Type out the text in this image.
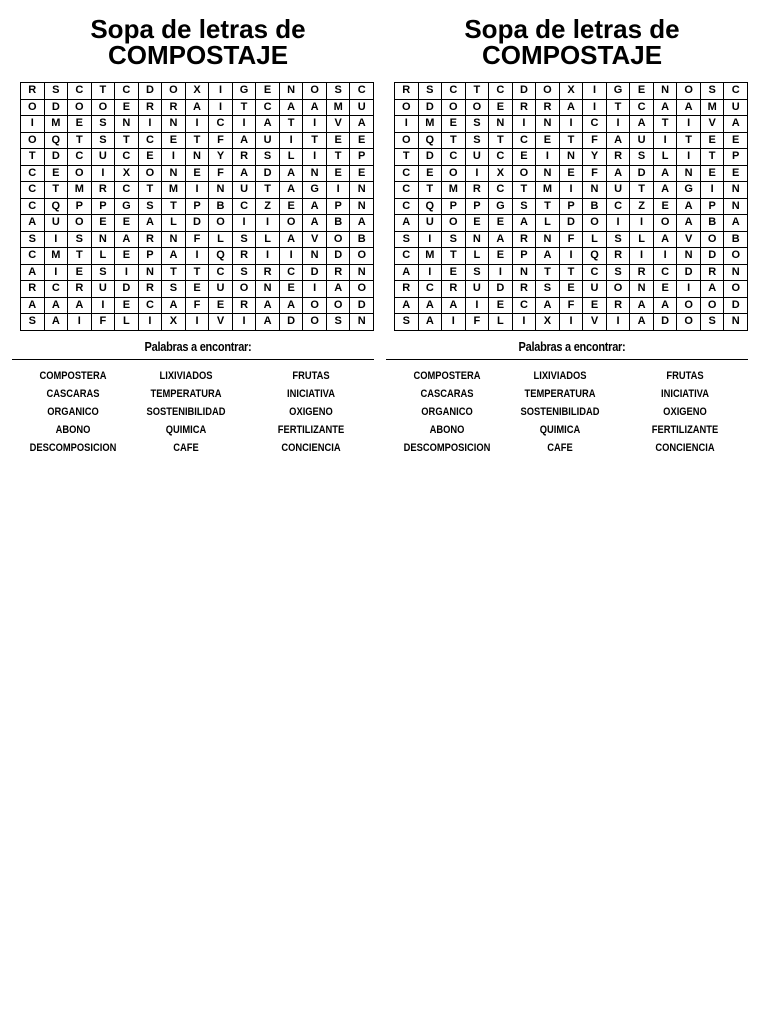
Sopa de letras de
COMPOSTAJE
R	S	C	T	C	D	O	X	I	G	E	N	O	S	C
O	D	O	O	E	R	R	A	I	T	C	A	A	M	U
I	M	E	S	N	I	N	I	C	I	A	T	I	V	A
O	Q	T	S	T	C	E	T	F	A	U	I	T	E	E
T	D	C	U	C	E	I	N	Y	R	S	L	I	T	P
C	E	O	I	X	O	N	E	F	A	D	A	N	E	E
C	T	M	R	C	T	M	I	N	U	T	A	G	I	N
C	Q	P	P	G	S	T	P	B	C	Z	E	A	P	N
A	U	O	E	E	A	L	D	O	I	I	O	A	B	A
S	I	S	N	A	R	N	F	L	S	L	A	V	O	B
C	M	T	L	E	P	A	I	Q	R	I	I	N	D	O
A	I	E	S	I	N	T	T	C	S	R	C	D	R	N
R	C	R	U	D	R	S	E	U	O	N	E	I	A	O
A	A	A	I	E	C	A	F	E	R	A	A	O	O	D
S	A	I	F	L	I	X	I	V	I	A	D	O	S	N
Palabras a encontrar:
COMPOSTERA	LIXIVIADOS	FRUTAS
CASCARAS	TEMPERATURA	INICIATIVA
ORGANICO	SOSTENIBILIDAD	OXIGENO
ABONO	QUIMICA	FERTILIZANTE
DESCOMPOSICION	CAFE	CONCIENCIA
Sopa de letras de
COMPOSTAJE
R	S	C	T	C	D	O	X	I	G	E	N	O	S	C
O	D	O	O	E	R	R	A	I	T	C	A	A	M	U
I	M	E	S	N	I	N	I	C	I	A	T	I	V	A
O	Q	T	S	T	C	E	T	F	A	U	I	T	E	E
T	D	C	U	C	E	I	N	Y	R	S	L	I	T	P
C	E	O	I	X	O	N	E	F	A	D	A	N	E	E
C	T	M	R	C	T	M	I	N	U	T	A	G	I	N
C	Q	P	P	G	S	T	P	B	C	Z	E	A	P	N
A	U	O	E	E	A	L	D	O	I	I	O	A	B	A
S	I	S	N	A	R	N	F	L	S	L	A	V	O	B
C	M	T	L	E	P	A	I	Q	R	I	I	N	D	O
A	I	E	S	I	N	T	T	C	S	R	C	D	R	N
R	C	R	U	D	R	S	E	U	O	N	E	I	A	O
A	A	A	I	E	C	A	F	E	R	A	A	O	O	D
S	A	I	F	L	I	X	I	V	I	A	D	O	S	N
Palabras a encontrar:
COMPOSTERA	LIXIVIADOS	FRUTAS
CASCARAS	TEMPERATURA	INICIATIVA
ORGANICO	SOSTENIBILIDAD	OXIGENO
ABONO	QUIMICA	FERTILIZANTE
DESCOMPOSICION	CAFE	CONCIENCIA
